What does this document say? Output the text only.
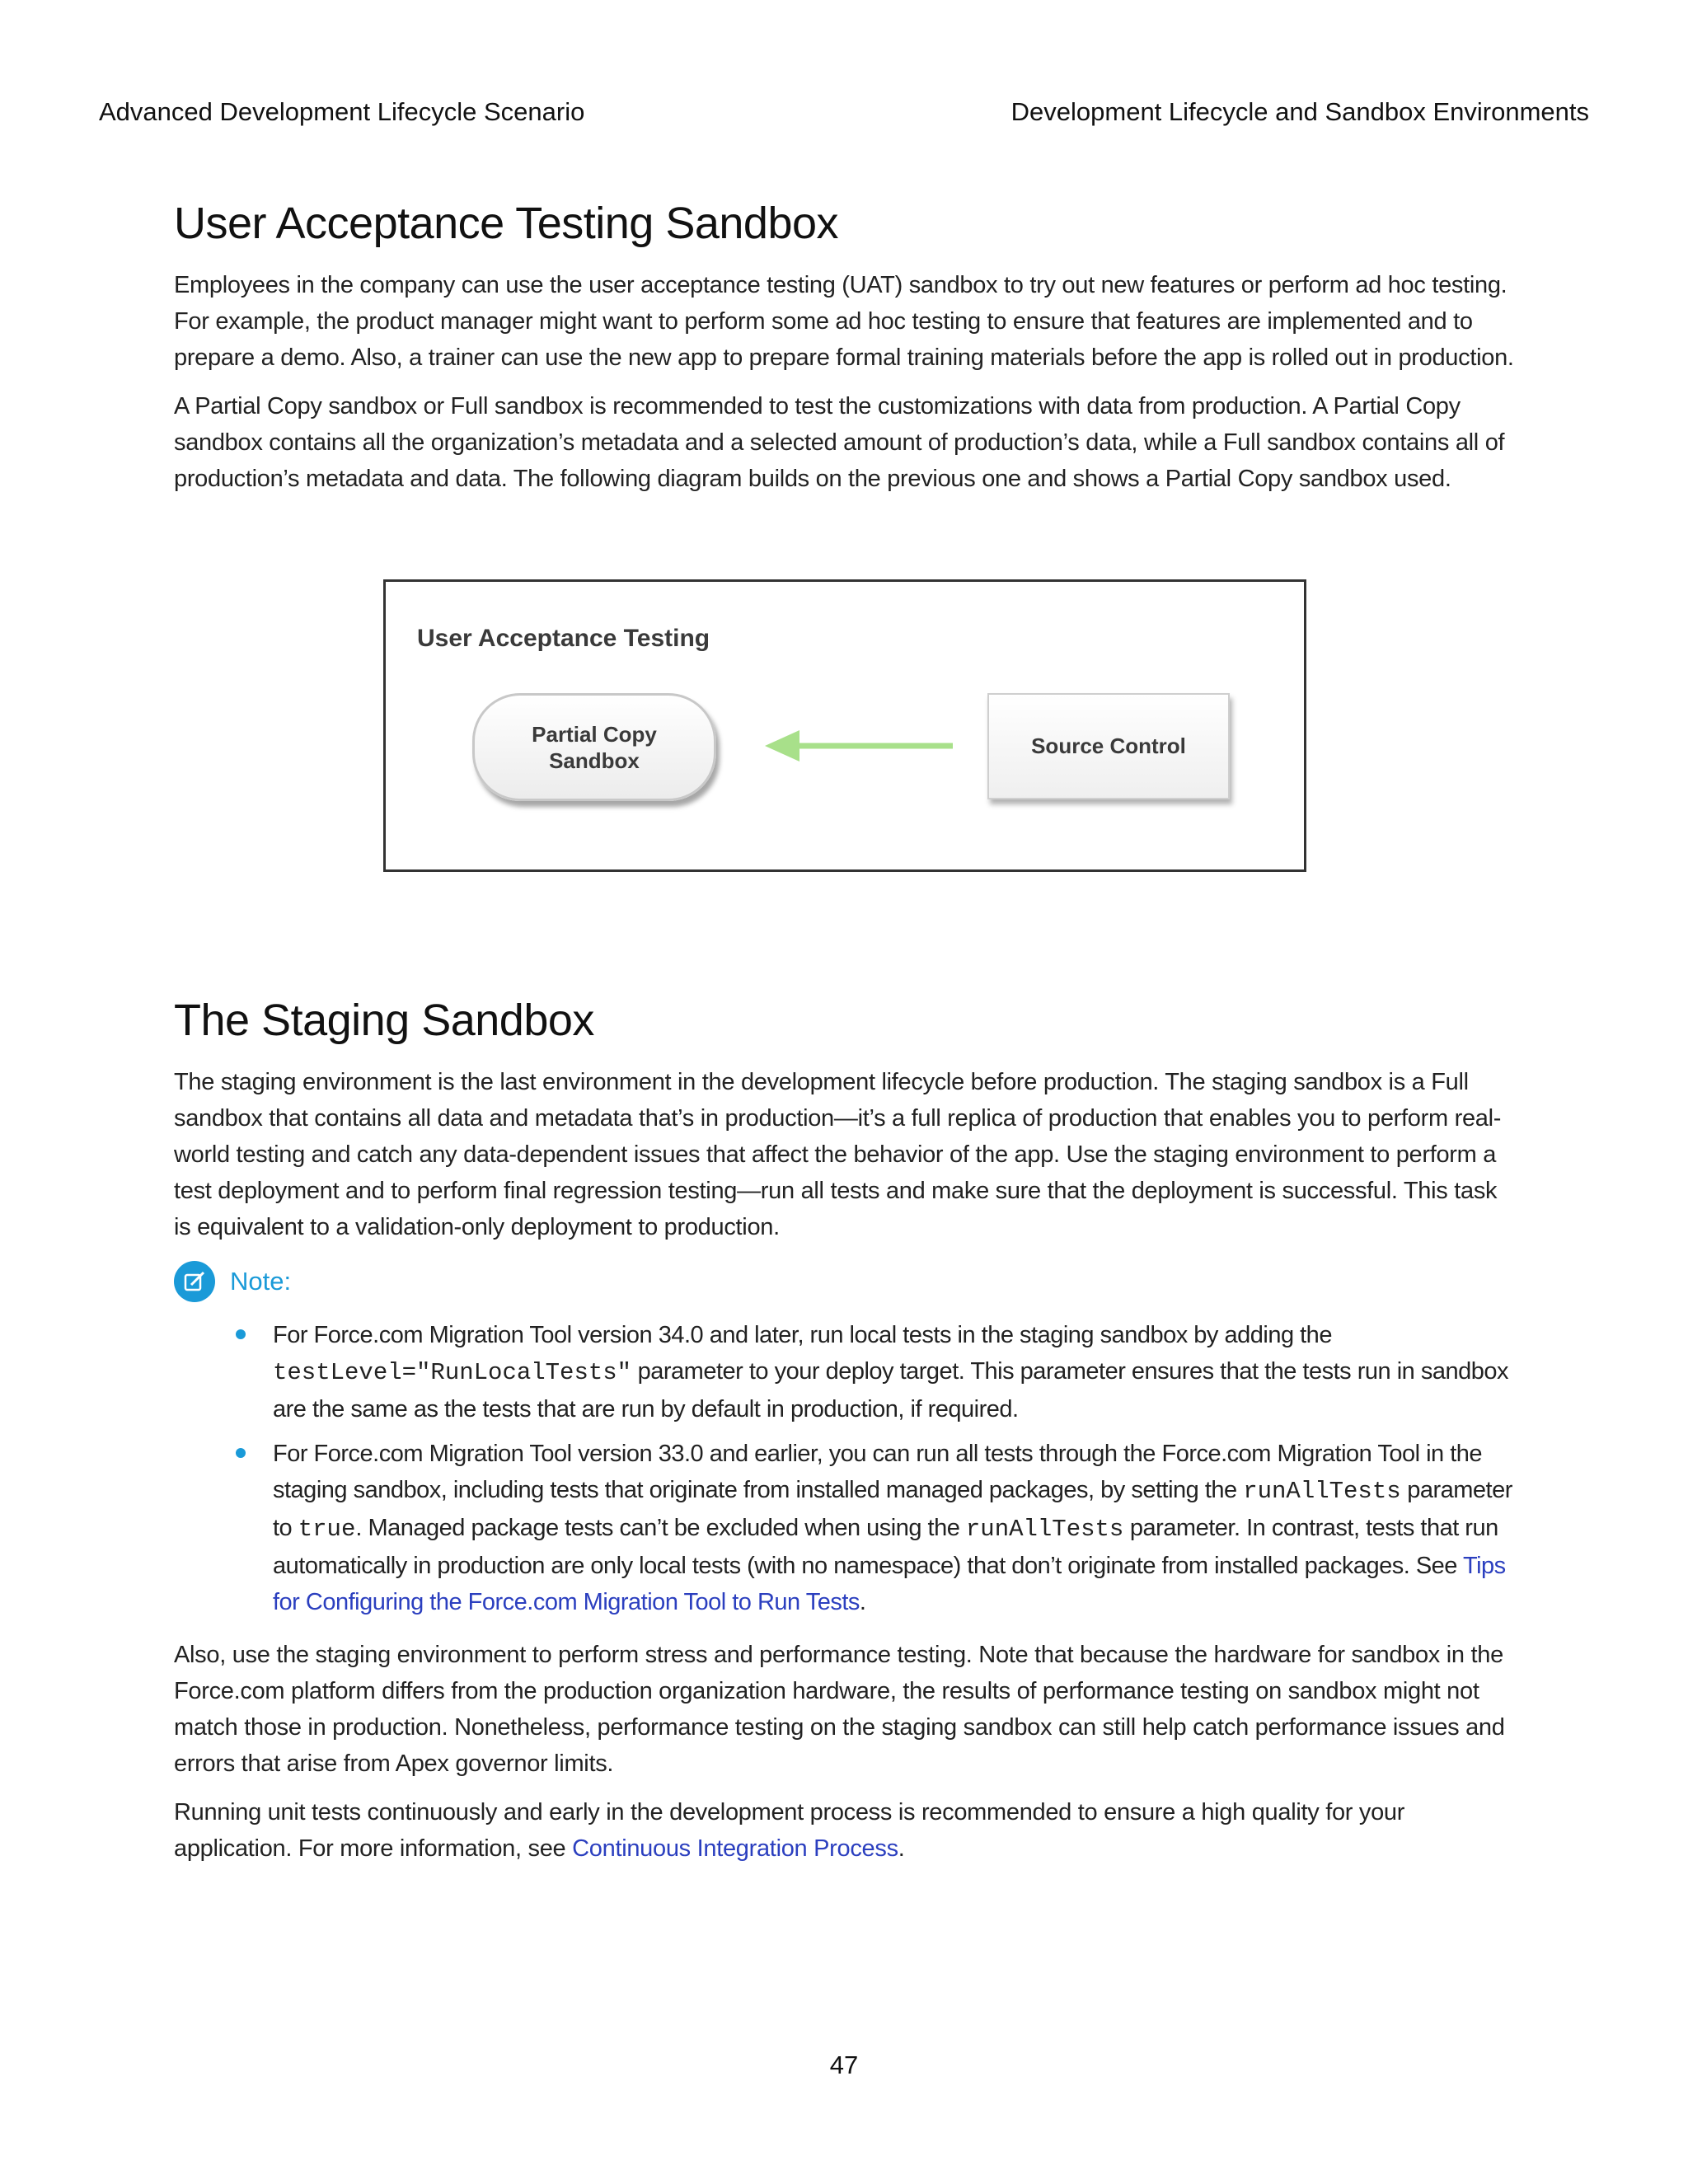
Advanced Development Lifecycle Scenario	Development Lifecycle and Sandbox Environments
User Acceptance Testing Sandbox

Employees in the company can use the user acceptance testing (UAT) sandbox to try out new features or perform ad hoc testing. For example, the product manager might want to perform some ad hoc testing to ensure that features are implemented and to prepare a demo. Also, a trainer can use the new app to prepare formal training materials before the app is rolled out in production.

A Partial Copy sandbox or Full sandbox is recommended to test the customizations with data from production. A Partial Copy sandbox contains all the organization’s metadata and a selected amount of production’s data, while a Full sandbox contains all of production’s metadata and data. The following diagram builds on the previous one and shows a Partial Copy sandbox used.

User Acceptance Testing
Partial Copy Sandbox
Source Control
The Staging Sandbox

The staging environment is the last environment in the development lifecycle before production. The staging sandbox is a Full sandbox that contains all data and metadata that’s in production—it’s a full replica of production that enables you to perform real-world testing and catch any data-dependent issues that affect the behavior of the app. Use the staging environment to perform a test deployment and to perform final regression testing—run all tests and make sure that the deployment is successful. This task is equivalent to a validation-only deployment to production.

Note:
For Force.com Migration Tool version 34.0 and later, run local tests in the staging sandbox by adding the testLevel="RunLocalTests" parameter to your deploy target. This parameter ensures that the tests run in sandbox are the same as the tests that are run by default in production, if required.
For Force.com Migration Tool version 33.0 and earlier, you can run all tests through the Force.com Migration Tool in the staging sandbox, including tests that originate from installed managed packages, by setting the runAllTests parameter to true. Managed package tests can’t be excluded when using the runAllTests parameter. In contrast, tests that run automatically in production are only local tests (with no namespace) that don’t originate from installed packages. See Tips for Configuring the Force.com Migration Tool to Run Tests.

Also, use the staging environment to perform stress and performance testing. Note that because the hardware for sandbox in the Force.com platform differs from the production organization hardware, the results of performance testing on sandbox might not match those in production. Nonetheless, performance testing on the staging sandbox can still help catch performance issues and errors that arise from Apex governor limits.

Running unit tests continuously and early in the development process is recommended to ensure a high quality for your application. For more information, see Continuous Integration Process.

47
